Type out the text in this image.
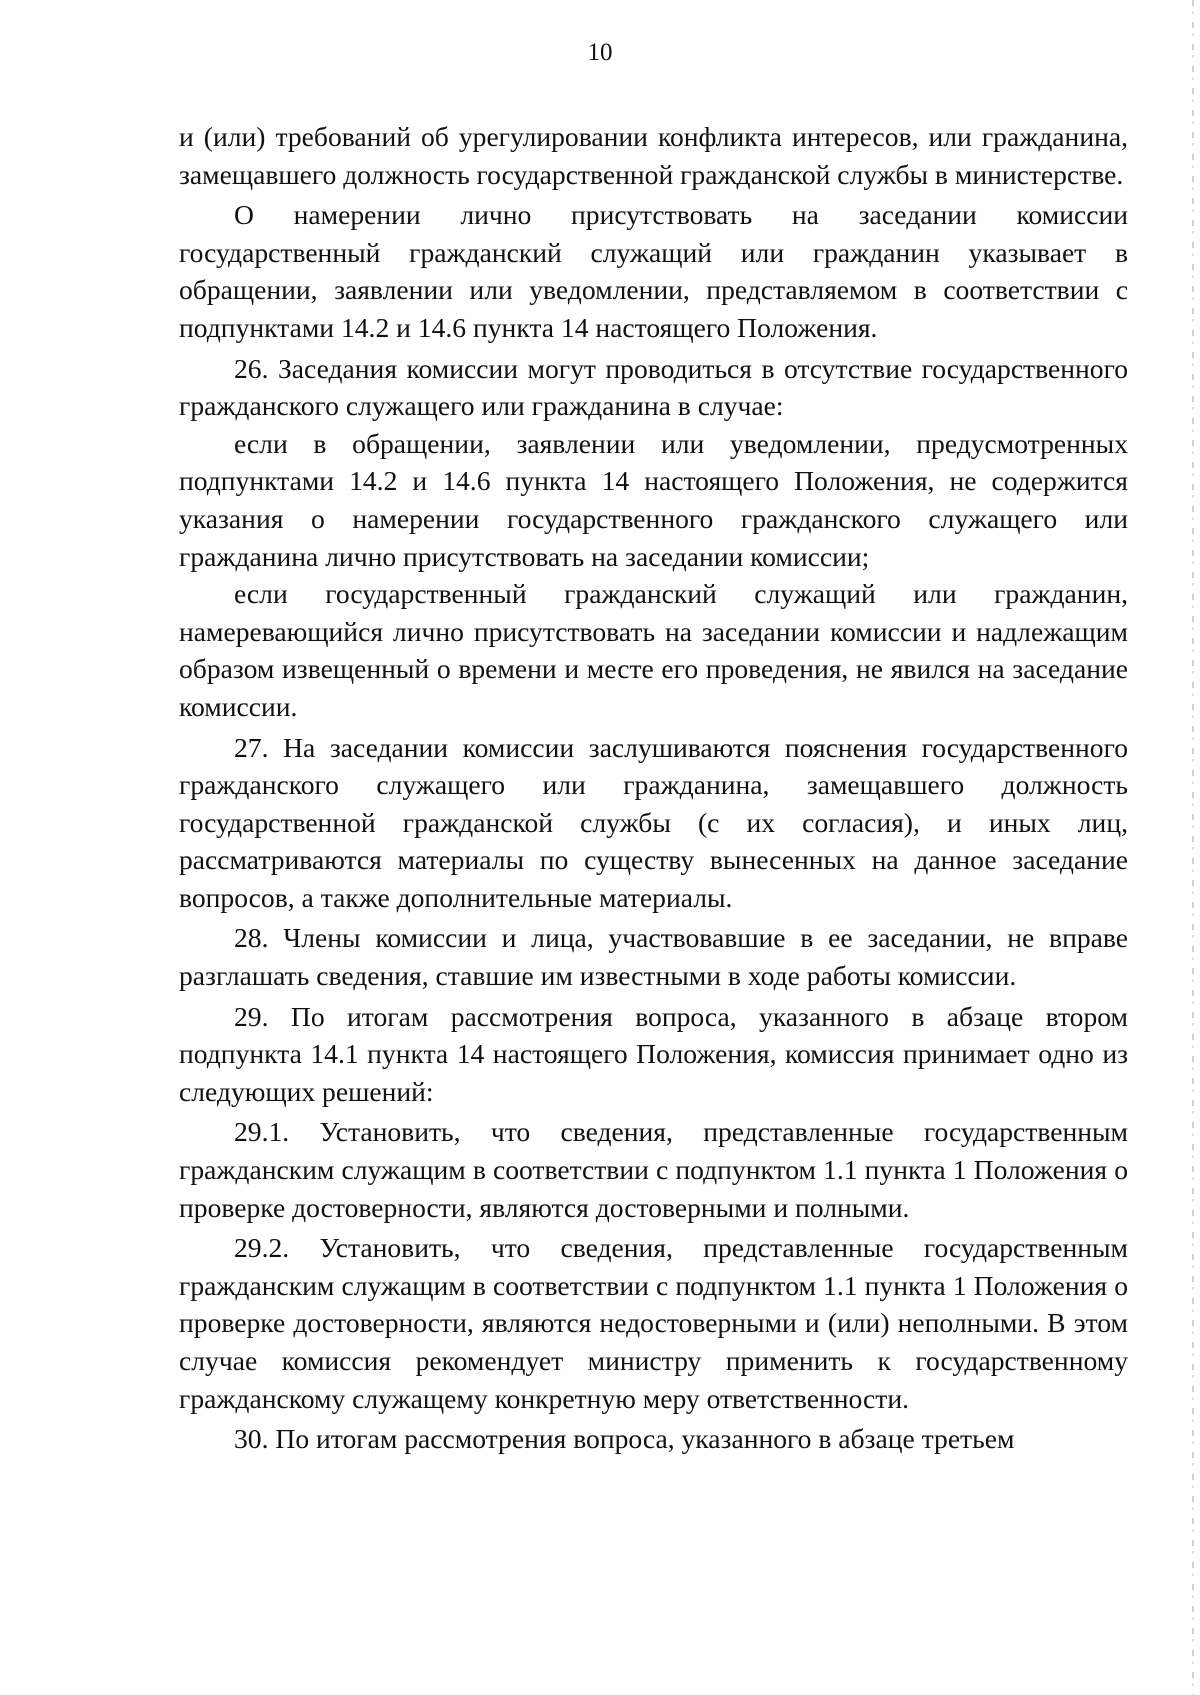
10

и (или) требований об урегулировании конфликта интересов, или гражданина, замещавшего должность государственной гражданской службы в министерстве.

О намерении лично присутствовать на заседании комиссии государственный гражданский служащий или гражданин указывает в обращении, заявлении или уведомлении, представляемом в соответствии с подпунктами 14.2 и 14.6 пункта 14 настоящего Положения.

26. Заседания комиссии могут проводиться в отсутствие государственного гражданского служащего или гражданина в случае:

если в обращении, заявлении или уведомлении, предусмотренных подпунктами 14.2 и 14.6 пункта 14 настоящего Положения, не содержится указания о намерении государственного гражданского служащего или гражданина лично присутствовать на заседании комиссии;

если государственный гражданский служащий или гражданин, намеревающийся лично присутствовать на заседании комиссии и надлежащим образом извещенный о времени и месте его проведения, не явился на заседание комиссии.

27. На заседании комиссии заслушиваются пояснения государственного гражданского служащего или гражданина, замещавшего должность государственной гражданской службы (с их согласия), и иных лиц, рассматриваются материалы по существу вынесенных на данное заседание вопросов, а также дополнительные материалы.

28. Члены комиссии и лица, участвовавшие в ее заседании, не вправе разглашать сведения, ставшие им известными в ходе работы комиссии.

29. По итогам рассмотрения вопроса, указанного в абзаце втором подпункта 14.1 пункта 14 настоящего Положения, комиссия принимает одно из следующих решений:

29.1. Установить, что сведения, представленные государственным гражданским служащим в соответствии с подпунктом 1.1 пункта 1 Положения о проверке достоверности, являются достоверными и полными.

29.2. Установить, что сведения, представленные государственным гражданским служащим в соответствии с подпунктом 1.1 пункта 1 Положения о проверке достоверности, являются недостоверными и (или) неполными. В этом случае комиссия рекомендует министру применить к государственному гражданскому служащему конкретную меру ответственности.

30. По итогам рассмотрения вопроса, указанного в абзаце третьем
